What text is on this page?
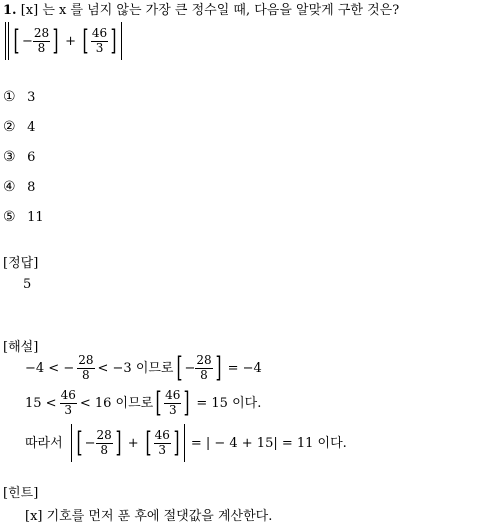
1. [x] 는 x 를 넘지 않는 가장 큰 정수일 때, 다음을 알맞게 구한 것은?
[ − $\frac{28}{8}$ ] + [ $\frac{46}{3}$ ]
① 3
② 4
③ 6
④ 8
⑤ 11
[정답]
5
[해설]
−4 < − $\frac{28}{8} < -3$ 이므로 [ − $\frac{28}{8}$ ] = −4
$15 < \frac{46}{3} < 16$ 이므로 [ $\frac{46}{3}$ ] = 15 이다.
따라서 [ − $\frac{28}{8}$ ] + [ $\frac{46}{3}$ ] = | − 4 + 15| = 11 이다.
[힌트]
[x] 기호를 먼저 푼 후에 절댓값을 계산한다.
